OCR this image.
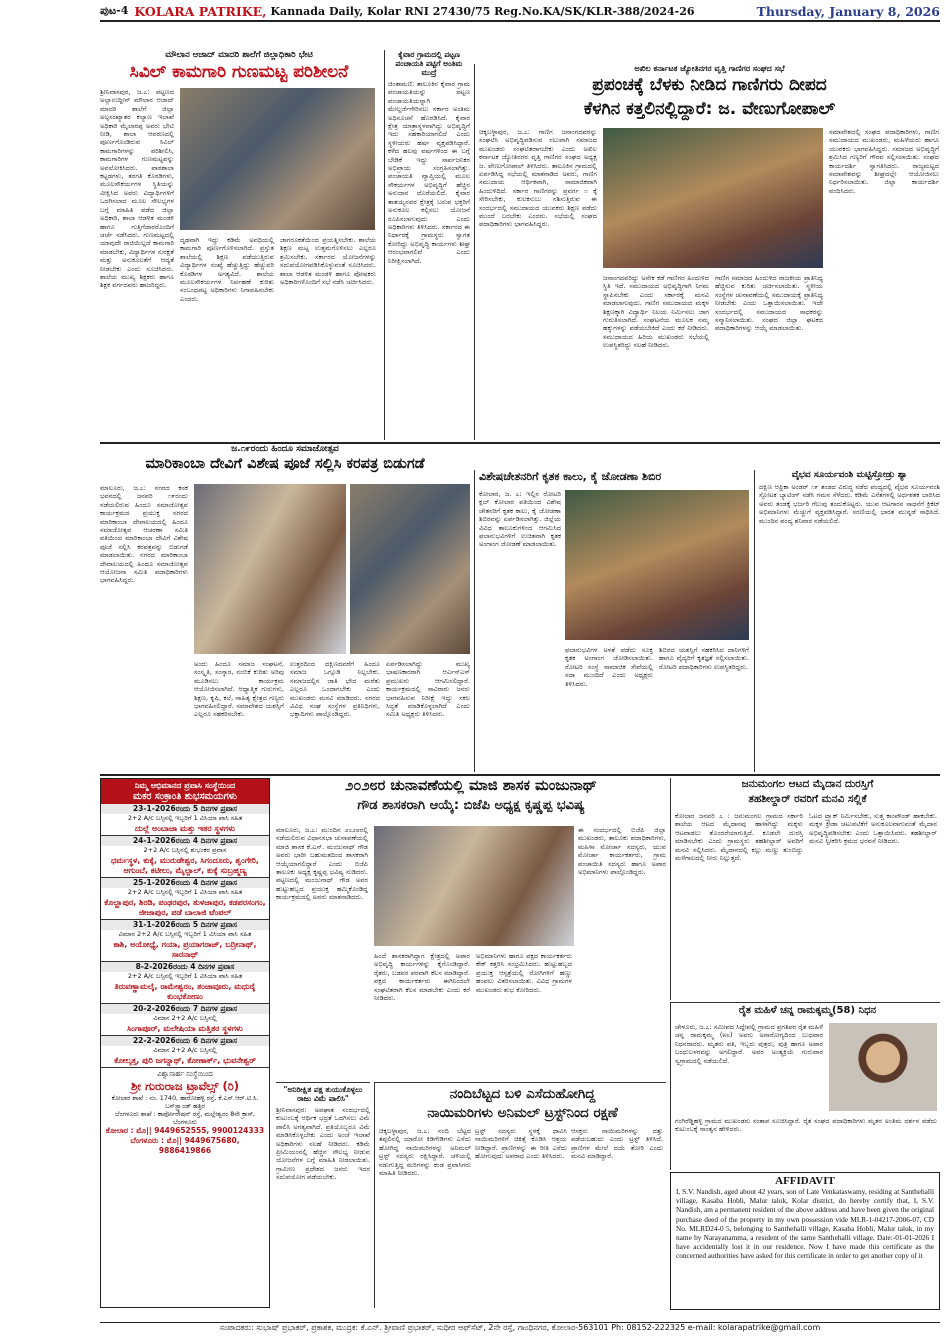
ಪುಟ-4 KOLARA PATRIKE, Kannada Daily, Kolar RNI 27430/75 Reg.No.KA/SK/KLR-388/2024-26	Thursday, January 8, 2026
ಮೌಲಾನ ಆಜಾದ್ ಮಾದರಿ ಶಾಲೆಗೆ ಜಿಲ್ಲಾಧಿಕಾರಿ ಭೇಟಿ
ಸಿವಿಲ್ ಕಾಮಗಾರಿ ಗುಣಮಟ್ಟ ಪರಿಶೀಲನೆ
ಶ್ರೀನಿವಾಸಪುರ, ಜ.೭: ಪಟ್ಟಣದ ಅಲ್ಲಾಉದ್ದೀನ್ ಮೌಲಾನ ಆಜಾದ್ ಮಾದರಿ ಶಾಲೆಗೆ ಜಿಲ್ಲಾ ಅಲ್ಪಸಂಖ್ಯಾತರ ಕಲ್ಯಾಣ ಇಲಾಖೆ ಅಧಿಕಾರಿ ಮೈಲಾರಪ್ಪ ಅವರು ಭೇಟಿ ನೀಡಿ, ಶಾಲಾ ಆವರಣದಲ್ಲಿ ಪೂರ್ಣಗೊಂಡಿರುವ ಸಿವಿಲ್ ಕಾಮಗಾರಿಗಳನ್ನು ಪರಿಶೀಲಿಸಿ, ಕಾಮಗಾರಿಗಳ ಗುಣಮಟ್ಟವನ್ನು ಅವಲೋಕಿಸಿದರು. ಪಾಠಶಾಲಾ ಕಟ್ಟಡಗಳು, ತರಗತಿ ಕೊಠಡಿಗಳು, ಮೂಲಸೌಕರ್ಯಗಳ ಸ್ಥಿತಿಯನ್ನು ವೀಕ್ಷಿಸಿದ ಅವರು ವಿದ್ಯಾರ್ಥಿಗಳಿಗೆ ಒದಗಿಸಲಾದ ಮೂಲ ಸೌಲಭ್ಯಗಳ ಬಗ್ಗೆ ಮಾಹಿತಿ ಪಡೆದ ಜಿಲ್ಲಾ ಅಧಿಕಾರಿ, ಶಾಲಾ ಆಡಳಿತ ಮಂಡಳಿ ಹಾಗೂ ಗುತ್ತಿಗೆದಾರರೊಂದಿಗೆ ಚರ್ಚೆ ನಡೆಸಿದರು. ಗುಣಮಟ್ಟದಲ್ಲಿ ಯಾವುದೇ ರಾಜಿಯಿಲ್ಲದೆ ಕಾಮಗಾರಿ ಮಾಡಬೇಕು, ವಿದ್ಯಾರ್ಥಿಗಳ ಸುರಕ್ಷತೆ ಮತ್ತು ಅನುಕೂಲತೆಗೆ ಆದ್ಯತೆ ನೀಡಬೇಕು ಎಂದು ಸೂಚಿಸಿದರು. ಶಾಲೆಯ ಮುಖ್ಯ ಶಿಕ್ಷಕರು ಹಾಗೂ ಶಿಕ್ಷಕ ವರ್ಗದವರು ಹಾಜರಿದ್ದರು.
ದೃಢವಾಗಿ ಇದ್ದು ಕಡಿಮೆ ಅವಧಿಯಲ್ಲಿ ಕಾಮಗಾರಿ ಪೂರ್ಣಗೊಳಿಸಲಾಗಿದೆ. ಪ್ರಸ್ತುತ ಶಾಲೆಯಲ್ಲಿ ಶಿಕ್ಷಣ ಪಡೆಯುತ್ತಿರುವ ವಿದ್ಯಾರ್ಥಿಗಳ ಸಂಖ್ಯೆ ಹೆಚ್ಚುತ್ತಿದ್ದು ಹೆಚ್ಚುವರಿ ಕೊಠಡಿಗಳ ಅಗತ್ಯವಿದೆ. ಶಾಲೆಯ ಮೂಲಸೌಕರ್ಯಗಳ ನಿರ್ವಹಣೆ ಕುರಿತು ಸಂಬಂಧಪಟ್ಟ ಅಧಿಕಾರಿಗಳು ನಿಗಾವಹಿಸಬೇಕು ಎಂದರು.
ಜಾಗರೂಕತೆಯಿಂದ ಪ್ರಯತ್ನಿಸಬೇಕು. ಶಾಲೆಯ ಶಿಕ್ಷಣ ಮಟ್ಟ ಉತ್ತಮಗೊಳಿಸಲು ಎಲ್ಲರೂ ಶ್ರಮಿಸಬೇಕು. ಸರ್ಕಾರದ ಯೋಜನೆಗಳನ್ನು ಸದುಪಯೋಗಪಡಿಸಿಕೊಳ್ಳುವಂತೆ ಸೂಚಿಸಿದರು. ಶಾಲಾ ಆಡಳಿತ ಮಂಡಳಿ ಹಾಗೂ ಪೋಷಕರು ಅಧಿಕಾರಿಗಳೊಂದಿಗೆ ಸಭೆ ನಡೆಸಿ ಚರ್ಚಿಸಿದರು.
ಕೈವಾರ ಗ್ರಾಮದಲ್ಲಿ ಪಟ್ಟಣ ಪಂಚಾಯತಿ ಪಟ್ಟಿಗೆ ಅಂತಿಮ ಮುದ್ರೆ
ಚಿಂತಾಮಣಿ: ತಾಲೂಕಿನ ಕೈವಾರ ಗ್ರಾಮ ಪಂಚಾಯತಿಯನ್ನು ಪಟ್ಟಣ ಪಂಚಾಯತಿಯನ್ನಾಗಿ ಮೇಲ್ದರ್ಜೆಗೇರಿಸಲು ಸರ್ಕಾರ ಅಂತಿಮ ಅಧಿಸೂಚನೆ ಹೊರಡಿಸಿದೆ. ಕೈವಾರ ಕ್ಷೇತ್ರ ಯಾತ್ರಾಸ್ಥಳವಾಗಿದ್ದು ಅಭಿವೃದ್ಧಿಗೆ ಇದು ಸಹಕಾರಿಯಾಗಲಿದೆ ಎಂದು ಸ್ಥಳೀಯರು ಹರ್ಷ ವ್ಯಕ್ತಪಡಿಸಿದ್ದಾರೆ. ಕಳೆದ ಹಲವು ವರ್ಷಗಳಿಂದ ಈ ಬಗ್ಗೆ ಬೇಡಿಕೆ ಇದ್ದು ಸಾರ್ವಜನಿಕರ ಅಭಿಪ್ರಾಯ ಸಂಗ್ರಹಿಸಲಾಗಿತ್ತು. ಪಂಚಾಯತಿ ವ್ಯಾಪ್ತಿಯಲ್ಲಿ ಮೂಲ ಸೌಕರ್ಯಗಳ ಅಭಿವೃದ್ಧಿಗೆ ಹೆಚ್ಚಿನ ಅನುದಾನ ದೊರೆಯಲಿದೆ. ಕೈವಾರ ತಾತಯ್ಯನವರ ಕ್ಷೇತ್ರಕ್ಕೆ ಬರುವ ಭಕ್ತರಿಗೆ ಅನುಕೂಲ ಕಲ್ಪಿಸಲು ಯೋಜನೆ ರೂಪಿಸಲಾಗುವುದು ಎಂದು ಅಧಿಕಾರಿಗಳು ತಿಳಿಸಿದರು. ಸರ್ಕಾರದ ಈ ನಿರ್ಧಾರಕ್ಕೆ ಗ್ರಾಮಸ್ಥರು ಸ್ವಾಗತ ಕೋರಿದ್ದು ಅಭಿವೃದ್ಧಿ ಕಾರ್ಯಗಳು ಶೀಘ್ರ ಆರಂಭವಾಗಲಿವೆ ಎಂದು ನಿರೀಕ್ಷಿಸಲಾಗಿದೆ.
ಅಖಿಲ ಕರ್ನಾಟಕ ಜ್ಯೋತಿನಗರ ವೃತ್ತಿ ಗಾಣಿಗರ ಸಂಘದ ಸಭೆ
ಪ್ರಪಂಚಕ್ಕೆ ಬೆಳಕು ನೀಡಿದ ಗಾಣಿಗರು ದೀಪದ
ಕೆಳಗಿನ ಕತ್ತಲಿನಲ್ಲಿದ್ದಾರೆ: ಜ. ವೇಣುಗೋಪಾಲ್
ಚಿಕ್ಕಬಳ್ಳಾಪುರ, ಜ.೭: ಗಾಣಿಗ ಜನಾಂಗದವರನ್ನು ಸಂಘಟಿಸಿ ಅಭಿವೃದ್ಧಿಪಡಿಸುವ ಸಲುವಾಗಿ ಸಮಾಜದ ಮುಖಂಡರು ಸಂಘಟಿತರಾಗಬೇಕು ಎಂದು ಅಖಿಲ ಕರ್ನಾಟಕ ಜ್ಯೋತಿನಗರ ವೃತ್ತಿ ಗಾಣಿಗರ ಸಂಘದ ಅಧ್ಯಕ್ಷ ಜ. ವೇಣುಗೋಪಾಲ್ ತಿಳಿಸಿದರು. ತಾಲೂಕಿನ ಗ್ರಾಮದಲ್ಲಿ ಏರ್ಪಡಿಸಿದ್ದ ಸಭೆಯಲ್ಲಿ ಮಾತನಾಡಿದ ಅವರು, ಗಾಣಿಗ ಸಮುದಾಯ ಆರ್ಥಿಕವಾಗಿ, ಸಾಮಾಜಿಕವಾಗಿ ಹಿಂದುಳಿದಿದೆ. ಸರ್ಕಾರ ಗಾಣಿಗರನ್ನು ಪ್ರವರ್ಗ ೧ ಕ್ಕೆ ಸೇರಿಸಬೇಕು, ಕುಲಕಸುಬು ನಶಿಸುತ್ತಿರುವ ಈ ಸಂದರ್ಭದಲ್ಲಿ ಸಮುದಾಯದ ಯುವಕರು ಶಿಕ್ಷಣ ಪಡೆದು ಮುಂದೆ ಬರಬೇಕು ಎಂದರು. ಸಭೆಯಲ್ಲಿ ಸಂಘದ ಪದಾಧಿಕಾರಿಗಳು ಭಾಗವಹಿಸಿದ್ದರು.
ಜನಾಂಗದವರಿದ್ದು ಅನೇಕ ಕಡೆ ಗಾಣಿಗರ ಹಿಂದುಳಿದ ಸ್ಥಿತಿ ಇದೆ. ಸಮುದಾಯದ ಅಭಿವೃದ್ಧಿಗಾಗಿ ನಿಗಮ ಸ್ಥಾಪಿಸಬೇಕು ಎಂದು ಸರ್ಕಾರಕ್ಕೆ ಮನವಿ ಮಾಡಲಾಗುವುದು. ಗಾಣಿಗ ಸಮುದಾಯದ ಮಕ್ಕಳ ಶಿಕ್ಷಣಕ್ಕಾಗಿ ವಿದ್ಯಾರ್ಥಿ ನಿಲಯ ನಿರ್ಮಿಸಲು ಜಾಗ ಗುರುತಿಸಲಾಗಿದೆ. ಸಂಘಟನೆಯ ಮೂಲಕ ನಮ್ಮ ಹಕ್ಕುಗಳನ್ನು ಪಡೆಯಬೇಕಿದೆ ಎಂದು ಕರೆ ನೀಡಿದರು. ಸಮುದಾಯದ ಹಿರಿಯ ಮುಖಂಡರು ಸಭೆಯಲ್ಲಿ ಉಪಸ್ಥಿತರಿದ್ದು ಸಲಹೆ ನೀಡಿದರು.
ಗಾಣಿಗ ಸಮಾಜದ ಹಿಂದುಳಿದ ರಾಜಕೀಯ ಪ್ರಾತಿನಿಧ್ಯ ಹೆಚ್ಚಿಸುವ ಕುರಿತು ಚರ್ಚಿಸಲಾಯಿತು. ಸ್ಥಳೀಯ ಸಂಸ್ಥೆಗಳ ಚುನಾವಣೆಯಲ್ಲಿ ಸಮುದಾಯಕ್ಕೆ ಪ್ರಾತಿನಿಧ್ಯ ನೀಡಬೇಕು ಎಂದು ಒತ್ತಾಯಿಸಲಾಯಿತು. ಇದೇ ಸಂದರ್ಭದಲ್ಲಿ ಸಮುದಾಯದ ಸಾಧಕರನ್ನು ಸನ್ಮಾನಿಸಲಾಯಿತು. ಸಂಘದ ಜಿಲ್ಲಾ ಘಟಕದ ಪದಾಧಿಕಾರಿಗಳನ್ನು ಆಯ್ಕೆ ಮಾಡಲಾಯಿತು.
ಸಮಾವೇಶದಲ್ಲಿ ಸಂಘದ ಪದಾಧಿಕಾರಿಗಳು, ಗಾಣಿಗ ಸಮುದಾಯದ ಮುಖಂಡರು, ಮಹಿಳೆಯರು ಹಾಗೂ ಯುವಕರು ಭಾಗವಹಿಸಿದ್ದರು. ಸಮಾಜದ ಅಭಿವೃದ್ಧಿಗೆ ಶ್ರಮಿಸಿದ ಗಣ್ಯರಿಗೆ ಗೌರವ ಸಲ್ಲಿಸಲಾಯಿತು. ಸಂಘದ ಕಾರ್ಯದರ್ಶಿ ಸ್ವಾಗತಿಸಿದರು. ರಾಜ್ಯಮಟ್ಟದ ಸಮಾವೇಶವನ್ನು ಶೀಘ್ರದಲ್ಲೇ ಆಯೋಜಿಸಲು ನಿರ್ಧರಿಸಲಾಯಿತು. ಜಿಲ್ಲಾ ಕಾರ್ಯದರ್ಶಿ ವಂದಿಸಿದರು.
ಜ.೧೯ರಂದು ಹಿಂದೂ ಸಮಾಜೋತ್ಸವ
ಮಾರಿಕಾಂಬಾ ದೇವಿಗೆ ವಿಶೇಷ ಪೂಜೆ ಸಲ್ಲಿಸಿ ಕರಪತ್ರ ಬಿಡುಗಡೆ
ಮಾಲೂರು, ಜ.೭: ನಗರದ ಕನಕ ಭವನದಲ್ಲಿ ಜನವರಿ ೧೯ರಂದು ನಡೆಯಲಿರುವ ಹಿಂದೂ ಸಮಾಜೋತ್ಸವ ಕಾರ್ಯಕ್ರಮದ ಪ್ರಯುಕ್ತ ನಗರದ ಮಾರಿಕಾಂಬಾ ದೇವಾಲಯದಲ್ಲಿ ಹಿಂದೂ ಸಮಾಜೋತ್ಸವ ಆಚರಣಾ ಸಮಿತಿ ವತಿಯಿಂದ ಮಾರಿಕಾಂಬಾ ದೇವಿಗೆ ವಿಶೇಷ ಪೂಜೆ ಸಲ್ಲಿಸಿ ಕರಪತ್ರವನ್ನು ಬಿಡುಗಡೆ ಮಾಡಲಾಯಿತು. ನಗರದ ಮಾರಿಕಾಂಬಾ ದೇವಾಲಯದಲ್ಲಿ ಹಿಂದೂ ಸಮಾಜೋತ್ಸವ ಆಯೋಜನಾ ಸಮಿತಿ ಪದಾಧಿಕಾರಿಗಳು ಭಾಗವಹಿಸಿದ್ದರು.
ಅಂದು ಹಿಂದೂ ಸಮಾಜ ಸಂಘಟನೆ, ಸಂಸ್ಕೃತಿ, ಸಂಸ್ಕಾರ, ನಂಬಿಕೆ ಕುರಿತು ಅರಿವು ಮೂಡಿಸಲು ಕಾರ್ಯಕ್ರಮ ಆಯೋಜಿಸಲಾಗಿದೆ. ಆಧ್ಯಾತ್ಮಿಕ ಗುರುಗಳು, ಶಿಕ್ಷಣ, ಕೃಷಿ, ಕಲೆ, ಸಾಹಿತ್ಯ ಕ್ಷೇತ್ರದ ಗಣ್ಯರು ಭಾಗವಹಿಸಲಿದ್ದಾರೆ. ಸಮಾವೇಶದ ಯಶಸ್ಸಿಗೆ ಎಲ್ಲರೂ ಸಹಕರಿಸಬೇಕು.
ಉತ್ತರದಿಂದ ದಕ್ಷಿಣದವರೆಗೆ ಹಿಂದೂ ಸಮಾಜ ಒಗ್ಗೂಡಿ ನಿಲ್ಲಬೇಕು. ಸಮಾಜದಲ್ಲಿನ ಜಾತಿ ಭೇದ ಮರೆತು ಎಲ್ಲರೂ ಒಂದಾಗಬೇಕು ಎಂದು ಮುಖಂಡರು ಮನವಿ ಮಾಡಿದರು. ನಗರದ ವಿವಿಧ ಸಂಘ ಸಂಸ್ಥೆಗಳ ಪ್ರತಿನಿಧಿಗಳು, ಭಕ್ತಾದಿಗಳು ಪಾಲ್ಗೊಂಡಿದ್ದರು.
ಏರ್ಪಡಿಸಲಾಗಿದ್ದು ಮುಖ್ಯ ಭಾಷಣಕಾರರಾಗಿ ಆರ್ಎಸ್ಎಸ್ ಪ್ರಮುಖರು ಆಗಮಿಸಲಿದ್ದಾರೆ. ಕಾರ್ಯಕ್ರಮದಲ್ಲಿ ಸಾವಿರಾರು ಜನರು ಭಾಗವಹಿಸುವ ನಿರೀಕ್ಷೆ ಇದ್ದು ಸಕಲ ಸಿದ್ಧತೆ ಮಾಡಿಕೊಳ್ಳಲಾಗಿದೆ ಎಂದು ಸಮಿತಿ ಅಧ್ಯಕ್ಷರು ತಿಳಿಸಿದರು.
ವಿಶೇಷಚೇತನರಿಗೆ ಕೃತಕ ಕಾಲು, ಕೈ ಜೋಡಣಾ ಶಿಬಿರ
ಕೋಲಾರ, ಜ. ೭: ಇಲ್ಲಿನ ರೋಟರಿ ಕ್ಲಬ್ ಕೋಲಾರ ವತಿಯಿಂದ ವಿಶೇಷ ಚೇತನರಿಗೆ ಕೃತಕ ಕಾಲು, ಕೈ ಜೋಡಣಾ ಶಿಬಿರವನ್ನು ಏರ್ಪಡಿಸಲಾಗಿತ್ತು. ಜಿಲ್ಲೆಯ ವಿವಿಧ ತಾಲೂಕುಗಳಿಂದ ಆಗಮಿಸಿದ ಫಲಾನುಭವಿಗಳಿಗೆ ಉಚಿತವಾಗಿ ಕೃತಕ ಅಂಗಾಂಗ ಜೋಡಣೆ ಮಾಡಲಾಯಿತು.
ಫಲಾನುಭವಿಗಳ ಅಳತೆ ಪಡೆದು ಸೂಕ್ತ ಕೃತಕ ಅಂಗಾಂಗ ಜೋಡಿಸಲಾಯಿತು. ರೋಟರಿ ಸಂಸ್ಥೆ ಸಾಮಾಜಿಕ ಸೇವೆಯಲ್ಲಿ ಸದಾ ಮುಂದಿದೆ ಎಂದು ಅಧ್ಯಕ್ಷರು ತಿಳಿಸಿದರು.
ಶಿಬಿರದ ಯಶಸ್ಸಿಗೆ ಸಹಕರಿಸಿದ ದಾನಿಗಳಿಗೆ ಹಾಗೂ ವೈದ್ಯರಿಗೆ ಕೃತಜ್ಞತೆ ಸಲ್ಲಿಸಲಾಯಿತು. ರೋಟರಿ ಪದಾಧಿಕಾರಿಗಳು ಉಪಸ್ಥಿತರಿದ್ದರು.
ವೈಭವ ಸೂರ್ಯವಂಶಿ ಮಟ್ಟಿಸ್ತೋಡ್ರು ಶ್ಯಾ
ದಕ್ಷಿಣ ಆಫ್ರಿಕಾ ಅಂಡರ್ ೧೯ ತಂಡದ ವಿರುದ್ಧ ನಡೆದ ಪಂದ್ಯದಲ್ಲಿ ವೈಭವ ಸೂರ್ಯವಂಶಿ ಸ್ಫೋಟಕ ಬ್ಯಾಟಿಂಗ್ ನಡೆಸಿ ಗಮನ ಸೆಳೆದರು. ಕಡಿಮೆ ಎಸೆತಗಳಲ್ಲಿ ಅರ್ಧಶತಕ ಬಾರಿಸಿದ ಅವರು ತಂಡಕ್ಕೆ ಭರ್ಜರಿ ಗೆಲುವು ತಂದುಕೊಟ್ಟರು. ಯುವ ಆಟಗಾರನ ಸಾಧನೆಗೆ ಕ್ರಿಕೆಟ್ ಅಭಿಮಾನಿಗಳು ಮೆಚ್ಚುಗೆ ವ್ಯಕ್ತಪಡಿಸಿದ್ದಾರೆ. ಸರಣಿಯಲ್ಲಿ ಭಾರತ ಮುನ್ನಡೆ ಸಾಧಿಸಿದೆ. ಮುಂದಿನ ಪಂದ್ಯ ಶನಿವಾರ ನಡೆಯಲಿದೆ.
ನಿಮ್ಮ ಆಭಿಮಾನದ ಪ್ರವಾಸಿ ಸಂಸ್ಥೆಯಿಂದ
ಮಕರ ಸಂಕ್ರಾಂತಿ ಶುಭಸಮಯಗಳು
23-1-2026ರಂದು 5 ದಿನಗಳ ಪ್ರವಾಸ
2+2 A/c ಬಸ್ಸಿನಲ್ಲಿ ಇಬ್ಬರಿಗೆ 1 ವಿಸಿಯಾ ಪಾಸಿ ಸಹಿತ
ದುಲ್ಲೆ ಅಂಬಾಜಾ ಮತ್ತು ಇತರ ಸ್ಥಳಗಳು
24-1-2026ರಂದು 4 ದಿನಗಳ ಪ್ರವಾಸ
2+2 A/c ಬಸ್ಸಿನಲ್ಲಿ ಶುಭಂಕರ ಪ್ರವಾಸ
ಧರ್ಮಸ್ಥಳ, ಕುಕ್ಕೆ, ಮುರುಡೇಶ್ವರ, ಸಿಗಂದೂರು, ಶೃಂಗೇರಿ, ಆಗುಂಬೆ, ಕಟೀಲು, ಮೈಲ್ಪಾಲ್, ಕುಕ್ಕೆ ಸುಬ್ರಹ್ಮಣ್ಯ
25-1-2026ರಂದು 4 ದಿನಗಳ ಪ್ರವಾಸ
2+2 A/c ಬಸ್ಸಿನಲ್ಲಿ ಇಬ್ಬರಿಗೆ 1 ವಿಸಿಯಾ ಪಾಸಿ ಸಹಿತ
ಕೊಲ್ಹಾಪುರ, ಶಿರಡಿ, ಪಂಢರಪುರ, ತುಳಜಾಪುರ, ಕಡಪರಸಂಗಂ, ಜೀಜಾಪುರ, ಪಡೆ ಬಾಲಾಜಿ ಟೆಂಪಲ್
31-1-2026ರಂದು 5 ದಿನಗಳ ಪ್ರವಾಸ
ವಿಮಾನ 2+2 A/c ಬಸ್ಸಿನಲ್ಲಿ ಇಬ್ಬರಿಗೆ 1 ವಿಸಿಯಾ ಪಾಸಿ ಸಹಿತ
ಕಾಶಿ, ಅಯೋಧ್ಯೆ, ಗಯಾ, ಪ್ರಯಾಗರಾಜ್, ಬದ್ರೀನಾಥ್, ಸಾರನಾಥ್
8-2-2026ರಂದು 4 ದಿನಗಳ ಪ್ರವಾಸ
2+2 A/c ಬಸ್ಸಿನಲ್ಲಿ ಇಬ್ಬರಿಗೆ 1 ವಿಸಿಯಾ ಪಾಸಿ ಸಹಿತ
ತಿರುವಣ್ಣಾಮಲೈ, ರಾಮೇಶ್ವರಂ, ತಂಜಾವೂರು, ಮಧುರೈ ಕುಂಭಕೋಣಂ
20-2-2026ರಂದು 7 ದಿನಗಳ ಪ್ರವಾಸ
ವಿಮಾನ 2+2 A/c ಬಸ್ಸಿನಲ್ಲಿ
ಸಿಂಗಾಪೂರ್, ಮಲೇಷಿಯಾ ಮತ್ತಿತರ ಸ್ಥಳಗಳು
22-2-2026ರಂದು 6 ದಿನಗಳ ಪ್ರವಾಸ
ವಿಮಾನ 2+2 A/c ಬಸ್ಸಿನಲ್ಲಿ
ಕೋಲ್ಕತ್ತ, ಪುರಿ ಜಗನ್ನಾಥ್, ಕೋಣಾರ್ಕ್, ಭುವನೇಶ್ವರ್
ವಿಶ್ವಾಸಾರ್ಹ ಸಂಸ್ಥೆಯಿಂದ
ಶ್ರೀ ಗುರುರಾಜ ಟ್ರಾವೆಲ್ಸ್ (ರಿ)
ಕೋಲಾರ ಶಾಖೆ : ನಂ. 1740, ಹಾರೋಹಳ್ಳಿ ರಸ್ತೆ, ಕೆ.ಎಸ್.ಆರ್.ಟಿ.ಸಿ. ಬಸ್‌ಸ್ಟ್ಯಾಂಡ್ ಹತ್ತಿರ
ಬೆಂಗಳೂರು ಶಾಖೆ : ಕಾರ್ಪೋರೇಷನ್ ರಸ್ತೆ, ಮಲ್ಲೇಶ್ವರಂ 8ನೇ ಕ್ರಾಸ್, ಬೆಂಗಳೂರು
ಕೋಲಾರ : ಮೊ|| 9449652555, 9900124333
ಬೆಂಗಳೂರು : ಮೊ|| 9449675680, 9886419866
೨೦೨೮ರ ಚುನಾವಣೆಯಲ್ಲಿ ಮಾಜಿ ಶಾಸಕ ಮಂಜುನಾಥ್
ಗೌಡ ಶಾಸಕರಾಗಿ ಆಯ್ಕೆ: ಬಿಜೆಪಿ ಅಧ್ಯಕ್ಷ ಕೃಷ್ಣಪ್ಪ ಭವಿಷ್ಯ
ಮಾಲೂರು, ಜ.೭: ಮುಂದಿನ ೨೦೨೮ರಲ್ಲಿ ನಡೆಯಲಿರುವ ವಿಧಾನಸಭಾ ಚುನಾವಣೆಯಲ್ಲಿ ಮಾಜಿ ಶಾಸಕ ಕೆ.ಎಸ್. ಮಂಜುನಾಥ್ ಗೌಡ ಅವರು ಭಾರೀ ಬಹುಮತದಿಂದ ಶಾಸಕರಾಗಿ ಆಯ್ಕೆಯಾಗಲಿದ್ದಾರೆ ಎಂದು ಬಿಜೆಪಿ ತಾಲೂಕು ಅಧ್ಯಕ್ಷ ಕೃಷ್ಣಪ್ಪ ಭವಿಷ್ಯ ನುಡಿದರು. ಪಟ್ಟಣದಲ್ಲಿ ಮಂಜುನಾಥ್ ಗೌಡ ಅವರ ಹುಟ್ಟುಹಬ್ಬದ ಪ್ರಯುಕ್ತ ಹಮ್ಮಿಕೊಂಡಿದ್ದ ಕಾರ್ಯಕ್ರಮದಲ್ಲಿ ಅವರು ಮಾತನಾಡಿದರು.
ಹಿಂದೆ ಶಾಸಕರಾಗಿದ್ದಾಗ ಕ್ಷೇತ್ರದಲ್ಲಿ ಅಪಾರ ಅಭಿವೃದ್ಧಿ ಕಾರ್ಯಗಳನ್ನು ಕೈಗೊಂಡಿದ್ದಾರೆ. ರೈತರು, ಬಡವರ ಪರವಾಗಿ ಕೆಲಸ ಮಾಡಿದ್ದಾರೆ. ಪಕ್ಷದ ಕಾರ್ಯಕರ್ತರು ಈಗಿನಿಂದಲೇ ಸಂಘಟಿತರಾಗಿ ಕೆಲಸ ಮಾಡಬೇಕು ಎಂದು ಕರೆ ನೀಡಿದರು.
ಅಭಿಮಾನಿಗಳು ಹಾಗೂ ಪಕ್ಷದ ಕಾರ್ಯಕರ್ತರು ಕೇಕ್ ಕತ್ತರಿಸಿ ಸಂಭ್ರಮಿಸಿದರು. ಹುಟ್ಟುಹಬ್ಬದ ಪ್ರಯುಕ್ತ ಆಸ್ಪತ್ರೆಯಲ್ಲಿ ರೋಗಿಗಳಿಗೆ ಹಣ್ಣು ಹಂಪಲು ವಿತರಿಸಲಾಯಿತು. ವಿವಿಧ ಗ್ರಾಮಗಳ ಮುಖಂಡರು ಶುಭ ಕೋರಿದರು.
ಈ ಸಂದರ್ಭದಲ್ಲಿ ಬಿಜೆಪಿ ಜಿಲ್ಲಾ ಮುಖಂಡರು, ತಾಲೂಕು ಪದಾಧಿಕಾರಿಗಳು, ಮಹಿಳಾ ಮೋರ್ಚಾ ಸದಸ್ಯರು, ಯುವ ಮೋರ್ಚಾ ಕಾರ್ಯಕರ್ತರು, ಗ್ರಾಮ ಪಂಚಾಯಿತಿ ಸದಸ್ಯರು ಹಾಗೂ ಅಪಾರ ಅಭಿಮಾನಿಗಳು ಪಾಲ್ಗೊಂಡಿದ್ದರು.
ಜನುಮಂಗಲ ಆಟದ ಮೈದಾನ ದುರಸ್ತಿಗೆ
ತಹಶೀಲ್ದಾರ್ ರವರಿಗೆ ಮನವಿ ಸಲ್ಲಿಕೆ
ಕೋಲಾರ ಜನವರಿ ೭ : ಜನುಮಂಗಲ ಗ್ರಾಮದ ಸರ್ಕಾರಿ ಶಾಲೆಯ ಆಟದ ಮೈದಾನವು ಹಾಳಾಗಿದ್ದು ಮಕ್ಕಳು ಆಟವಾಡಲು ತೊಂದರೆಯಾಗುತ್ತಿದೆ. ಕೂಡಲೇ ದುರಸ್ತಿ ಮಾಡಿಸಬೇಕು ಎಂದು ಗ್ರಾಮಸ್ಥರು ತಹಶೀಲ್ದಾರ್ ಅವರಿಗೆ ಮನವಿ ಸಲ್ಲಿಸಿದರು. ಮೈದಾನದಲ್ಲಿ ಕಲ್ಲು ಮಣ್ಣು ತುಂಬಿದ್ದು ಮಳೆಗಾಲದಲ್ಲಿ ನೀರು ನಿಲ್ಲುತ್ತದೆ.
ಓಟದ ಟ್ರ್ಯಾಕ್ ನಿರ್ಮಿಸಬೇಕು, ಸುತ್ತ ಕಾಂಪೌಂಡ್ ಹಾಕಬೇಕು. ಮಕ್ಕಳ ಕ್ರೀಡಾ ಚಟುವಟಿಕೆಗೆ ಅನುಕೂಲವಾಗುವಂತೆ ಮೈದಾನ ಅಭಿವೃದ್ಧಿಪಡಿಸಬೇಕು ಎಂದು ಒತ್ತಾಯಿಸಿದರು. ತಹಶೀಲ್ದಾರ್ ಮನವಿ ಸ್ವೀಕರಿಸಿ ಕ್ರಮದ ಭರವಸೆ ನೀಡಿದರು.
ರೈತ ಮಹಿಳೆ ಚನ್ನ ರಾಮಕ್ಕಮ್ಮ(58) ನಿಧನ
ಚೇಳೂರು, ಜ.೭: ಸಮೀಪದ ಸಿದ್ದೇಪಲ್ಲಿ ಗ್ರಾಮದ ಪ್ರಗತಿಪರ ರೈತ ಮಹಿಳೆ ಚನ್ನ ರಾಮಕ್ಕಮ್ಮ (೫೮) ಅವರು ಅನಾರೋಗ್ಯದಿಂದ ಬುಧವಾರ ನಿಧನರಾದರು. ಮೃತರು ಪತಿ, ಇಬ್ಬರು ಪುತ್ರರು, ಪುತ್ರಿ ಹಾಗೂ ಅಪಾರ ಬಂಧುಬಳಗವನ್ನು ಅಗಲಿದ್ದಾರೆ. ಅವರ ಅಂತ್ಯಕ್ರಿಯೆ ಗುರುವಾರ ಸ್ವಗ್ರಾಮದಲ್ಲಿ ನಡೆಯಲಿದೆ.
ಗಂಗಿರೆಡ್ಡಿಹಳ್ಳಿ ಗ್ರಾಮದ ಮುಖಂಡರು ಸಂತಾಪ ಸೂಚಿಸಿದ್ದಾರೆ. ರೈತ ಸಂಘದ ಪದಾಧಿಕಾರಿಗಳು ಮೃತರ ಅಂತಿಮ ದರ್ಶನ ಪಡೆದು ಕುಟುಂಬಕ್ಕೆ ಸಾಂತ್ವನ ಹೇಳಿದರು.
"ಅನಿರೀಕ್ಷಿತ ಪಕ್ಷ ತುಯುಕೊಳ್ಳಲು ರಾಜು ವಿಮೆ ಪಾಲಿಸಿ"
ಶ್ರೀನಿವಾಸಪುರ: ಅಪಘಾತ ಸಂದರ್ಭದಲ್ಲಿ ಕುಟುಂಬಕ್ಕೆ ಆರ್ಥಿಕ ಭದ್ರತೆ ಒದಗಿಸಲು ವಿಮೆ ಪಾಲಿಸಿ ಅಗತ್ಯವಾಗಿದೆ. ಪ್ರತಿಯೊಬ್ಬರೂ ವಿಮೆ ಮಾಡಿಸಿಕೊಳ್ಳಬೇಕು ಎಂದು ಅಂಚೆ ಇಲಾಖೆ ಅಧಿಕಾರಿಗಳು ಸಲಹೆ ನೀಡಿದರು. ಕಡಿಮೆ ಪ್ರೀಮಿಯಂನಲ್ಲಿ ಹೆಚ್ಚಿನ ಸೌಲಭ್ಯ ನೀಡುವ ಯೋಜನೆಗಳ ಬಗ್ಗೆ ಮಾಹಿತಿ ನೀಡಲಾಯಿತು. ಗ್ರಾಮೀಣ ಪ್ರದೇಶದ ಜನರು ಇದರ ಸದುಪಯೋಗ ಪಡೆಯಬೇಕು.
ನಂದಿಬೆಟ್ಟದ ಬಳಿ ಎಸೆದುಹೋಗಿದ್ದ
ನಾಯಿಮರಿಗಳು ಅನಿಮಲ್ ಟ್ರಸ್ಟ್‌ನಿಂದ ರಕ್ಷಣೆ
ಚಿಕ್ಕಬಳ್ಳಾಪುರ, ಜ.೭: ನಂದಿ ಬೆಟ್ಟದ ತಪ್ಪಲಿನಲ್ಲಿ ಯಾರೋ ಕಿಡಿಗೇಡಿಗಳು ಎಸೆದು ಹೋಗಿದ್ದ ನಾಯಿಮರಿಗಳನ್ನು ಅನಿಮಲ್ ಟ್ರಸ್ಟ್ ಸದಸ್ಯರು ರಕ್ಷಿಸಿದ್ದಾರೆ. ಚಳಿಯಲ್ಲಿ ನಡುಗುತ್ತಿದ್ದ ಮರಿಗಳನ್ನು ಕಂಡ ಪ್ರವಾಸಿಗರು ಮಾಹಿತಿ ನೀಡಿದರು.
ಟ್ರಸ್ಟ್ ಸದಸ್ಯರು ಸ್ಥಳಕ್ಕೆ ಧಾವಿಸಿ ನಾಯಿಮರಿಗಳಿಗೆ ಚಿಕಿತ್ಸೆ ಕೊಡಿಸಿ ಆಶ್ರಯ ನೀಡಿದ್ದಾರೆ. ಪ್ರಾಣಿಗಳನ್ನು ಈ ರೀತಿ ಎಸೆದು ಹೋಗುವುದು ಅಪರಾಧ ಎಂದು ತಿಳಿಸಿದರು.
ಆಸಕ್ತರು ನಾಯಿಮರಿಗಳನ್ನು ದತ್ತು ಪಡೆಯಬಹುದು ಎಂದು ಟ್ರಸ್ಟ್ ತಿಳಿಸಿದೆ. ಪ್ರಾಣಿಗಳ ಮೇಲೆ ದಯೆ ತೋರಿ ಎಂದು ಮನವಿ ಮಾಡಿದ್ದಾರೆ.
AFFIDAVIT
I, S.V. Nandish, aged about 42 years, son of Late Venkataswamy, residing at Santhehalli village, Kasaba Hobli, Malur taluk, Kolar district, do hereby certify that, I, S.V. Nandish, am a permanent resident of the above address and have been given the original purchase deed of the property in my own possession vide MLR-1-04217-2006-07, CD No. MLRD24-0 5, belonging to Santhehalli village, Kasaba Hobli, Malur taluk, in my name by Narayanamma, a resident of the same Santhehalli village. Date:-01-01-2026 I have accidentally lost it in our residence. Now I have made this certificate as the concerned authorities have asked for this certificate in order to get another copy of it
ಸಂಪಾದಕರು: ಸುಭಾಷ್ ಪ್ರಭಾಕರ್, ಪ್ರಕಾಶಕ, ಮುದ್ರಕ: ಕೆ.ಎನ್. ಶ್ರೀವಾಣಿ ಪ್ರಭಾಕರ್, ಸುಧೀರ ಆಫ್‌ಸೆಟ್, 2ನೇ ರಸ್ತೆ, ಗಾಂಧಿನಗರ, ಕೋಲಾರ-563101 Ph: 08152-222325 e-mail: kolarapatrike@gmail.com
